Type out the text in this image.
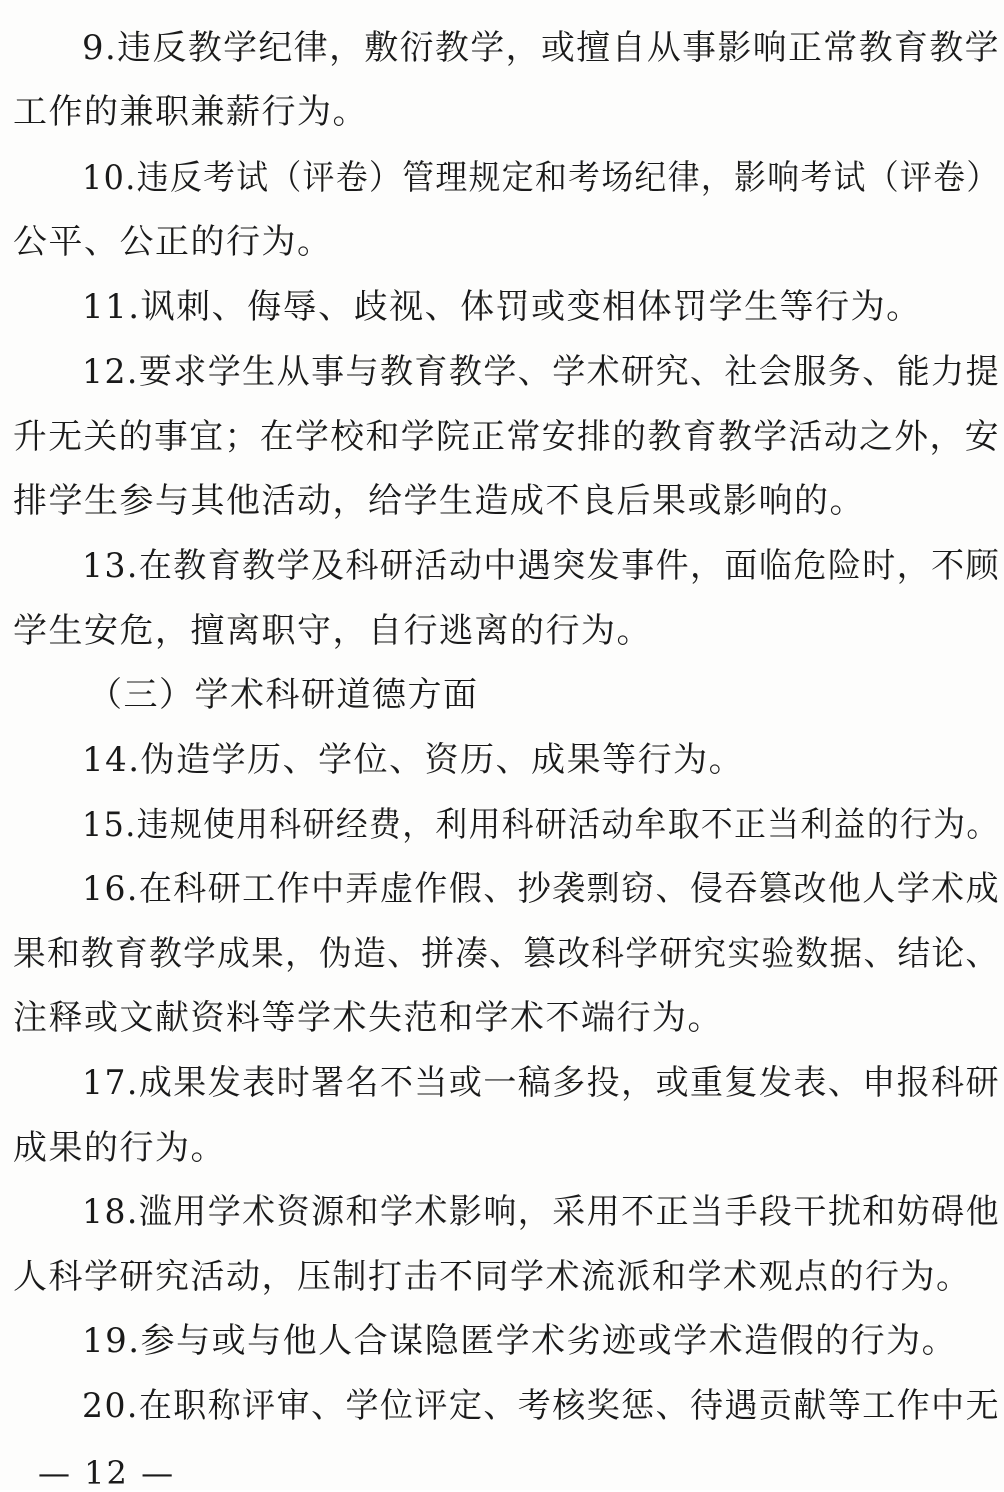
9.违反教学纪律，敷衍教学，或擅自从事影响正常教育教学
工作的兼职兼薪行为。
10.违反考试（评卷）管理规定和考场纪律，影响考试（评卷）
公平、公正的行为。
11.讽刺、侮辱、歧视、体罚或变相体罚学生等行为。
12.要求学生从事与教育教学、学术研究、社会服务、能力提
升无关的事宜；在学校和学院正常安排的教育教学活动之外，安
排学生参与其他活动，给学生造成不良后果或影响的。
13.在教育教学及科研活动中遇突发事件，面临危险时，不顾
学生安危，擅离职守，自行逃离的行为。
（三）学术科研道德方面
14.伪造学历、学位、资历、成果等行为。
15.违规使用科研经费，利用科研活动牟取不正当利益的行为。
16.在科研工作中弄虚作假、抄袭剽窃、侵吞篡改他人学术成
果和教育教学成果，伪造、拼凑、篡改科学研究实验数据、结论、
注释或文献资料等学术失范和学术不端行为。
17.成果发表时署名不当或一稿多投，或重复发表、申报科研
成果的行为。
18.滥用学术资源和学术影响，采用不正当手段干扰和妨碍他
人科学研究活动，压制打击不同学术流派和学术观点的行为。
19.参与或与他人合谋隐匿学术劣迹或学术造假的行为。
20.在职称评审、学位评定、考核奖惩、待遇贡献等工作中无
— 12 —
